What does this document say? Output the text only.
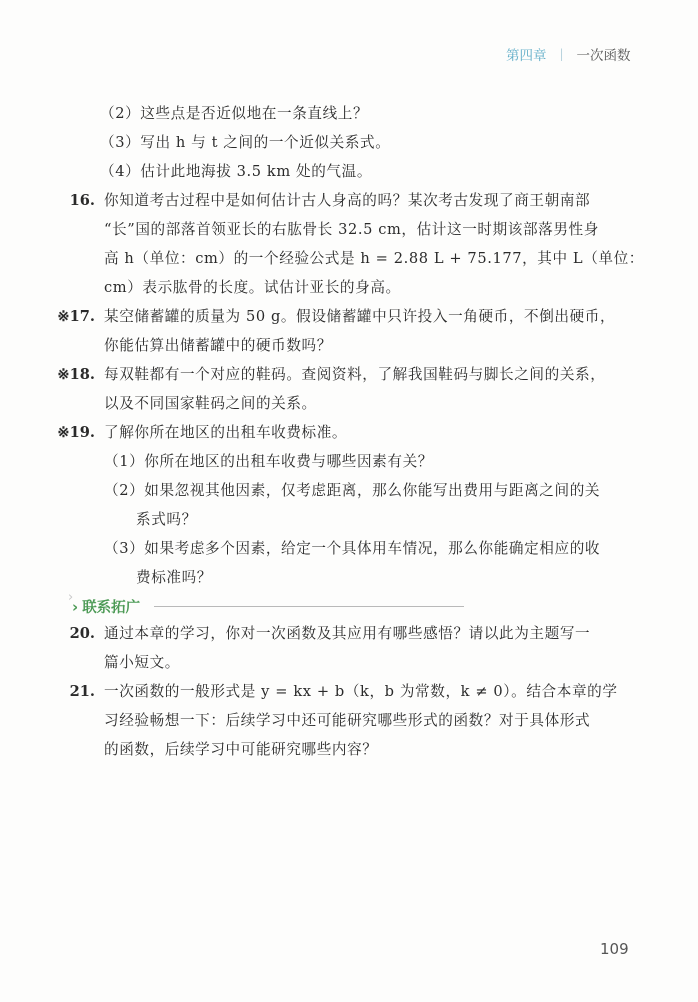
第四章 | 一次函数
（2）这些点是否近似地在一条直线上？
（3）写出 h 与 t 之间的一个近似关系式。
（4）估计此地海拔 3.5 km 处的气温。
16. 你知道考古过程中是如何估计古人身高的吗？某次考古发现了商王朝南部
“长”国的部落首领亚长的右肱骨长 32.5 cm，估计这一时期该部落男性身
高 h（单位：cm）的一个经验公式是 h = 2.88 L + 75.177，其中 L（单位：
cm）表示肱骨的长度。试估计亚长的身高。
※17. 某空储蓄罐的质量为 50 g。假设储蓄罐中只许投入一角硬币，不倒出硬币，
你能估算出储蓄罐中的硬币数吗？
※18. 每双鞋都有一个对应的鞋码。查阅资料，了解我国鞋码与脚长之间的关系，
以及不同国家鞋码之间的关系。
※19. 了解你所在地区的出租车收费标准。
（1）你所在地区的出租车收费与哪些因素有关？
（2）如果忽视其他因素，仅考虑距离，那么你能写出费用与距离之间的关
系式吗？
（3）如果考虑多个因素，给定一个具体用车情况，那么你能确定相应的收
费标准吗？
›
› 联系拓广
20. 通过本章的学习，你对一次函数及其应用有哪些感悟？请以此为主题写一
篇小短文。
21. 一次函数的一般形式是 y = kx + b（k，b 为常数，k ≠ 0）。结合本章的学
习经验畅想一下：后续学习中还可能研究哪些形式的函数？对于具体形式
的函数，后续学习中可能研究哪些内容？
109
